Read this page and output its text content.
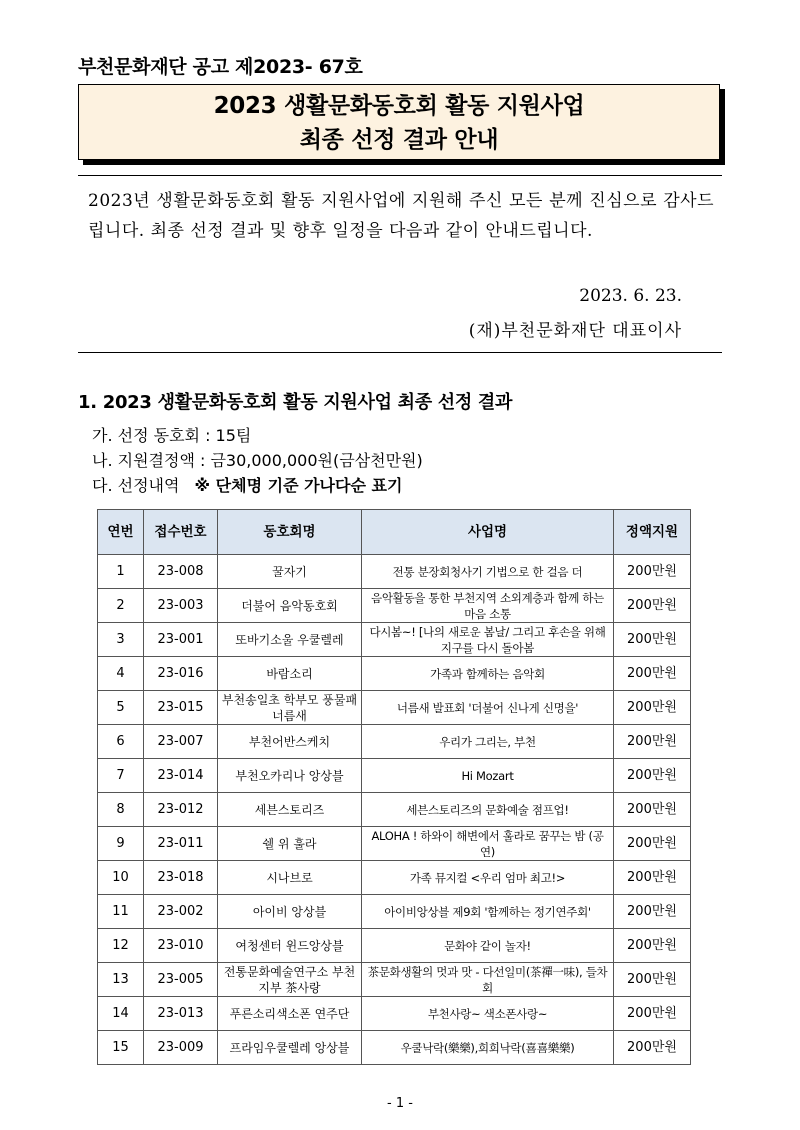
부천문화재단 공고 제2023- 67호
2023 생활문화동호회 활동 지원사업
최종 선정 결과 안내
2023년 생활문화동호회 활동 지원사업에 지원해 주신 모든 분께 진심으로 감사드립니다. 최종 선정 결과 및 향후 일정을 다음과 같이 안내드립니다.
2023. 6. 23.
(재)부천문화재단 대표이사
1. 2023 생활문화동호회 활동 지원사업 최종 선정 결과
가. 선정 동호회 : 15팀
나. 지원결정액 : 금30,000,000원(금삼천만원)
다. 선정내역 ※ 단체명 기준 가나다순 표기
연번	접수번호	동호회명	사업명	정액지원
1	23-008	꿀자기	전통 분장회청사기 기법으로 한 걸음 더	200만원
2	23-003	더불어 음악동호회	음악활동을 통한 부천지역 소외계층과 함께 하는 마음 소통	200만원
3	23-001	또바기소울 우쿨렐레	다시봄~! [나의 새로운 봄날/ 그리고 후손을 위해 지구를 다시 돌아봄	200만원
4	23-016	바람소리	가족과 함께하는 음악회	200만원
5	23-015	부천송일초 학부모 풍물패 너름새	너름새 발표회 '더불어 신나게 신명을'	200만원
6	23-007	부천어반스케치	우리가 그리는, 부천	200만원
7	23-014	부천오카리나 앙상블	Hi Mozart	200만원
8	23-012	세븐스토리즈	세븐스토리즈의 문화예술 점프업!	200만원
9	23-011	쉘 위 훌라	ALOHA ! 하와이 해변에서 훌라로 꿈꾸는 밤 (공연)	200만원
10	23-018	시나브로	가족 뮤지컬 <우리 엄마 최고!>	200만원
11	23-002	아이비 앙상블	아이비앙상블 제9회 '함께하는 정기연주회'	200만원
12	23-010	여청센터 윈드앙상블	문화야 같이 놀자!	200만원
13	23-005	전통문화예술연구소 부천지부 茶사랑	茶문화생활의 멋과 맛 - 다선일미(茶禪一味), 들차회	200만원
14	23-013	푸른소리색소폰 연주단	부천사랑~ 색소폰사랑~	200만원
15	23-009	프라임우쿨렐레 앙상블	우쿨낙락(樂樂),희희낙락(喜喜樂樂)	200만원
- 1 -
